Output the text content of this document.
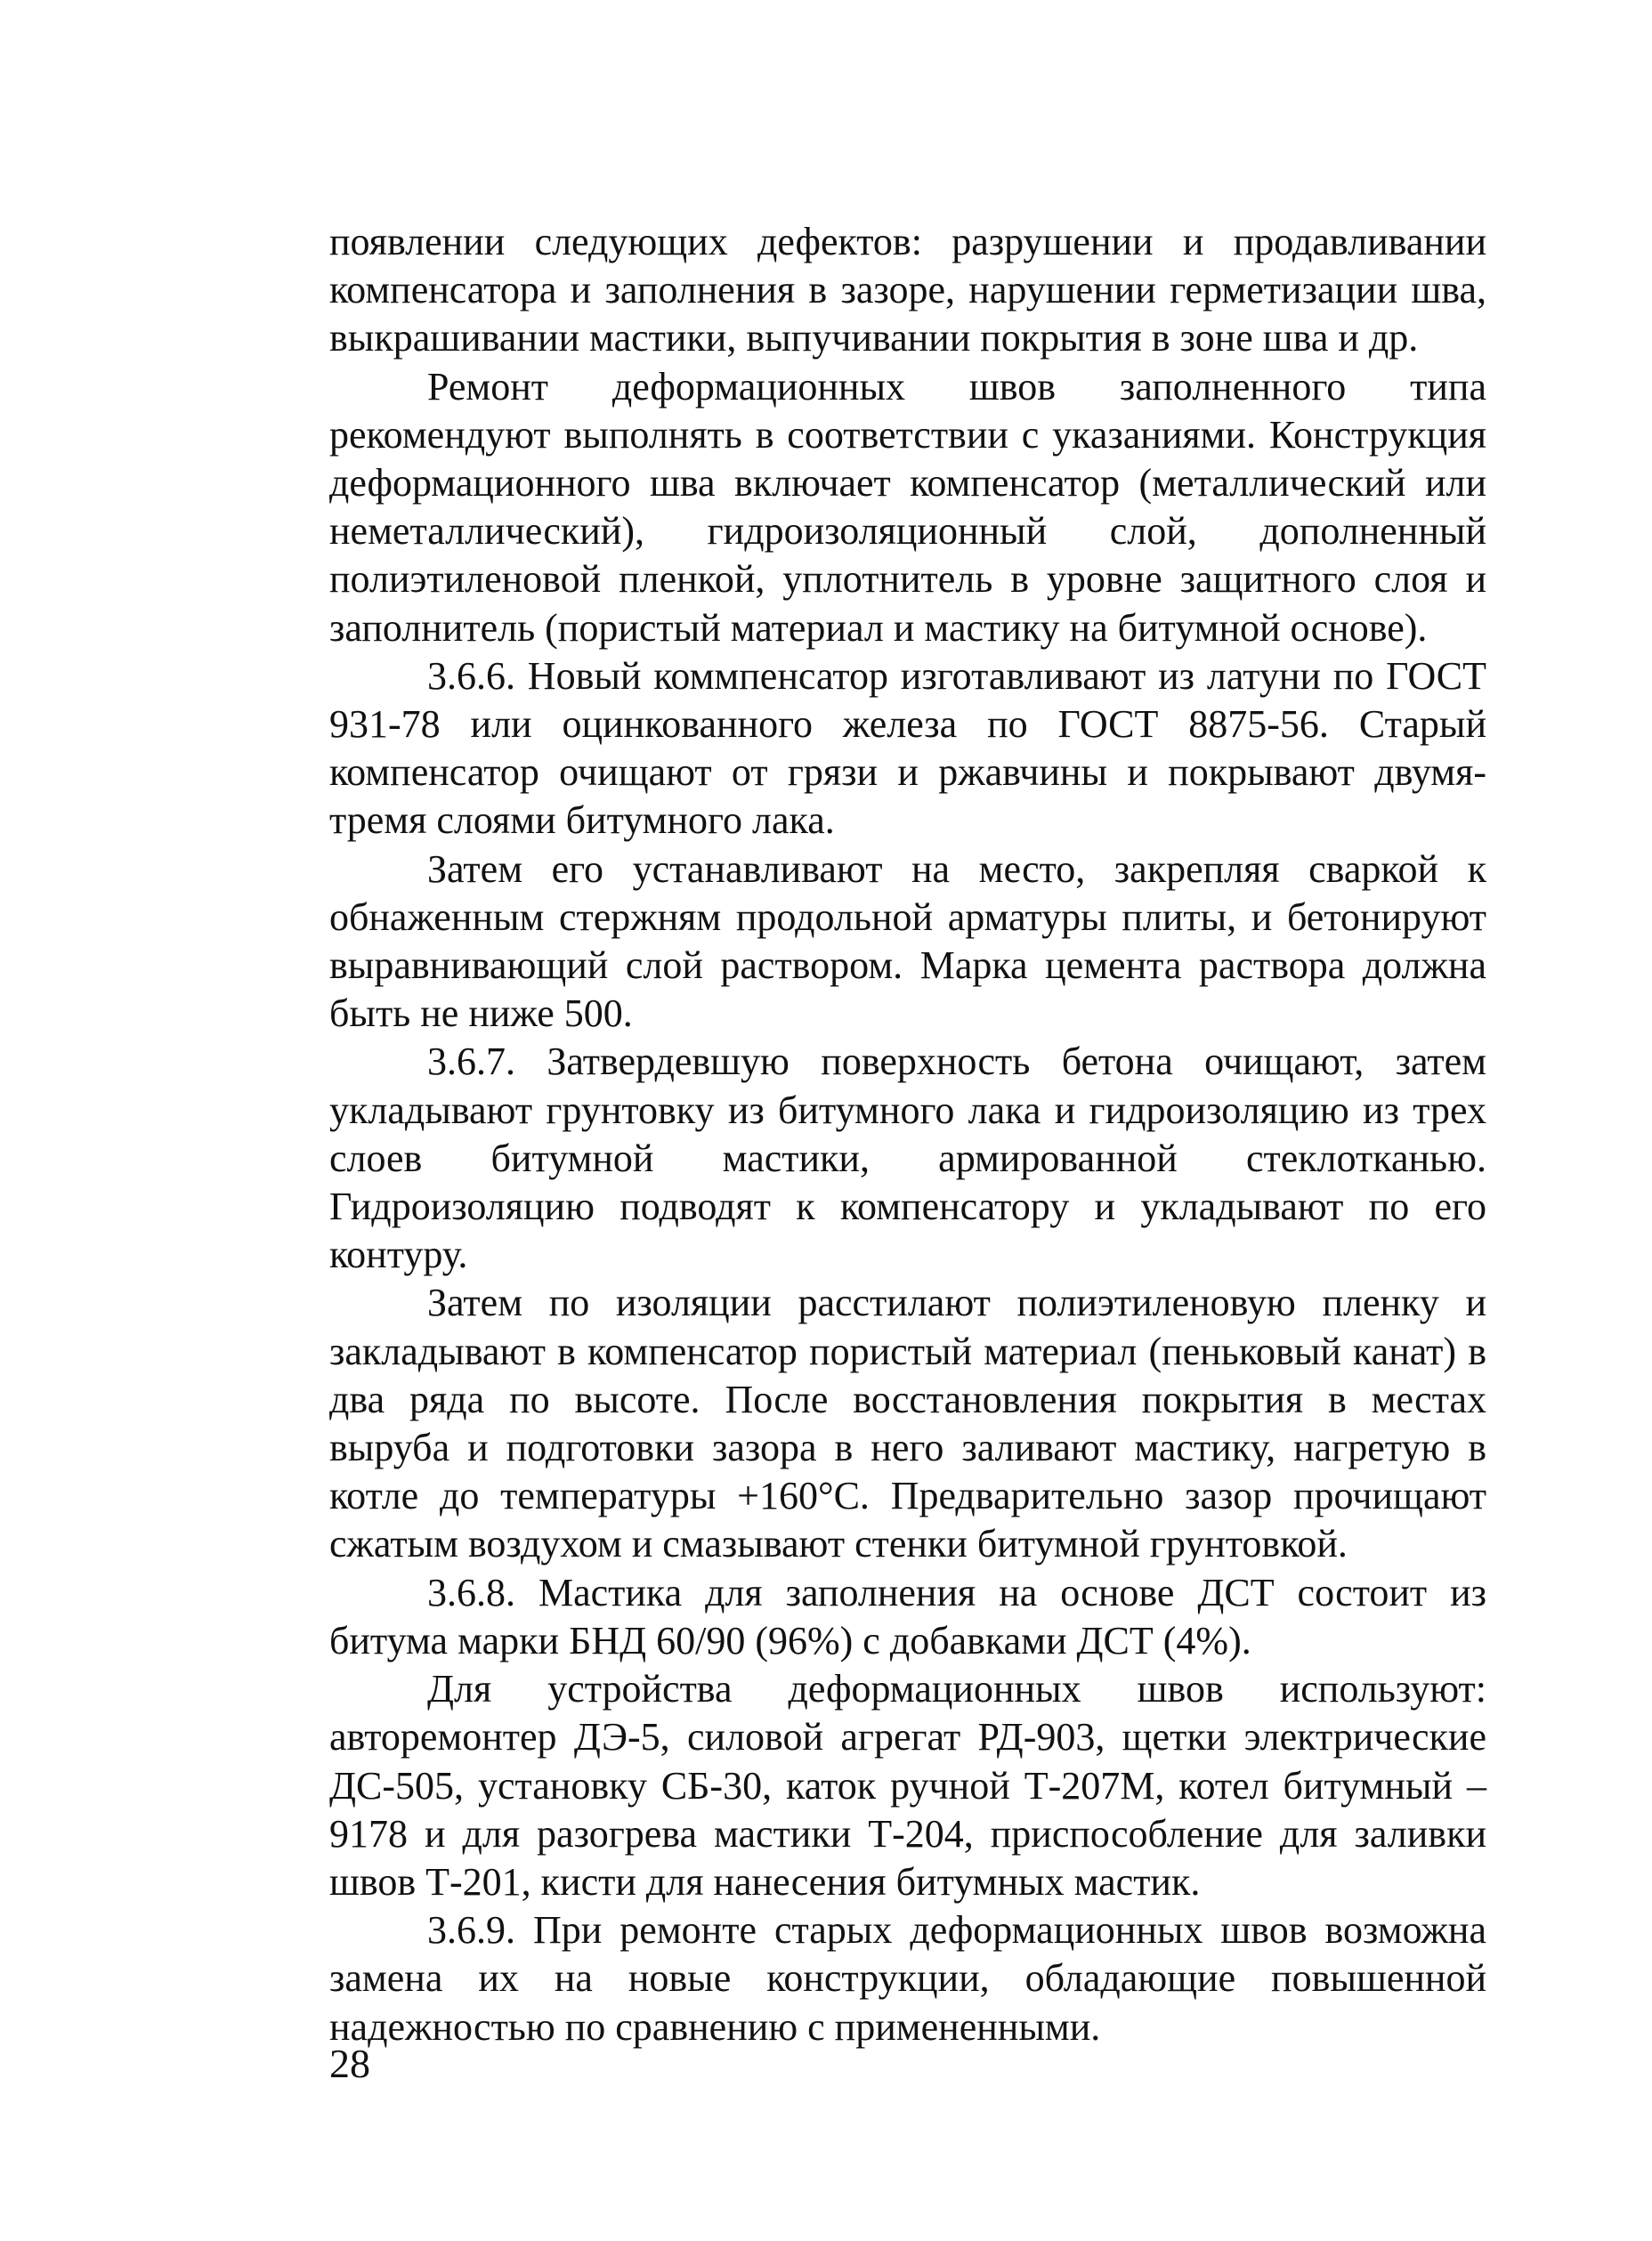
появлении следующих дефектов: разрушении и продавливании компенсатора и заполнения в зазоре, нарушении герметизации шва, выкрашивании мастики, выпучивании покрытия в зоне шва и др.

Ремонт деформационных швов заполненного типа рекомендуют выполнять в соответствии с указаниями. Конструкция деформационного шва включает компенсатор (металлический или неметаллический), гидроизоляционный слой, дополненный полиэтиленовой пленкой, уплотнитель в уровне защитного слоя и заполнитель (пористый материал и мастику на битумной основе).

3.6.6. Новый коммпенсатор изготавливают из латуни по ГОСТ 931-78 или оцинкованного железа по ГОСТ 8875-56. Старый компенсатор очищают от грязи и ржавчины и покрывают двумя-тремя слоями битумного лака.

Затем его устанавливают на место, закрепляя сваркой к обнаженным стержням продольной арматуры плиты, и бетонируют выравнивающий слой раствором. Марка цемента раствора должна быть не ниже 500.

3.6.7. Затвердевшую поверхность бетона очищают, затем укладывают грунтовку из битумного лака и гидроизоляцию из трех слоев битумной мастики, армированной стеклотканью. Гидроизоляцию подводят к компенсатору и укладывают по его контуру.

Затем по изоляции расстилают полиэтиленовую пленку и закладывают в компенсатор пористый материал (пеньковый канат) в два ряда по высоте. После восстановления покрытия в местах выруба и подготовки зазора в него заливают мастику, нагретую в котле до температуры +160°С. Предварительно зазор прочищают сжатым воздухом и смазывают стенки битумной грунтовкой.

3.6.8. Мастика для заполнения на основе ДСТ состоит из битума марки БНД 60/90 (96%) с добавками ДСТ (4%).

Для устройства деформационных швов используют: авторемонтер ДЭ-5, силовой агрегат РД-903, щетки электрические ДС-505, установку СБ-30, каток ручной Т-207М, котел битумный – 9178 и для разогрева мастики Т-204, приспособление для заливки швов Т-201, кисти для нанесения битумных мастик.

3.6.9. При ремонте старых деформационных швов возможна замена их на новые конструкции, обладающие повышенной надежностью по сравнению с примененными.

28
